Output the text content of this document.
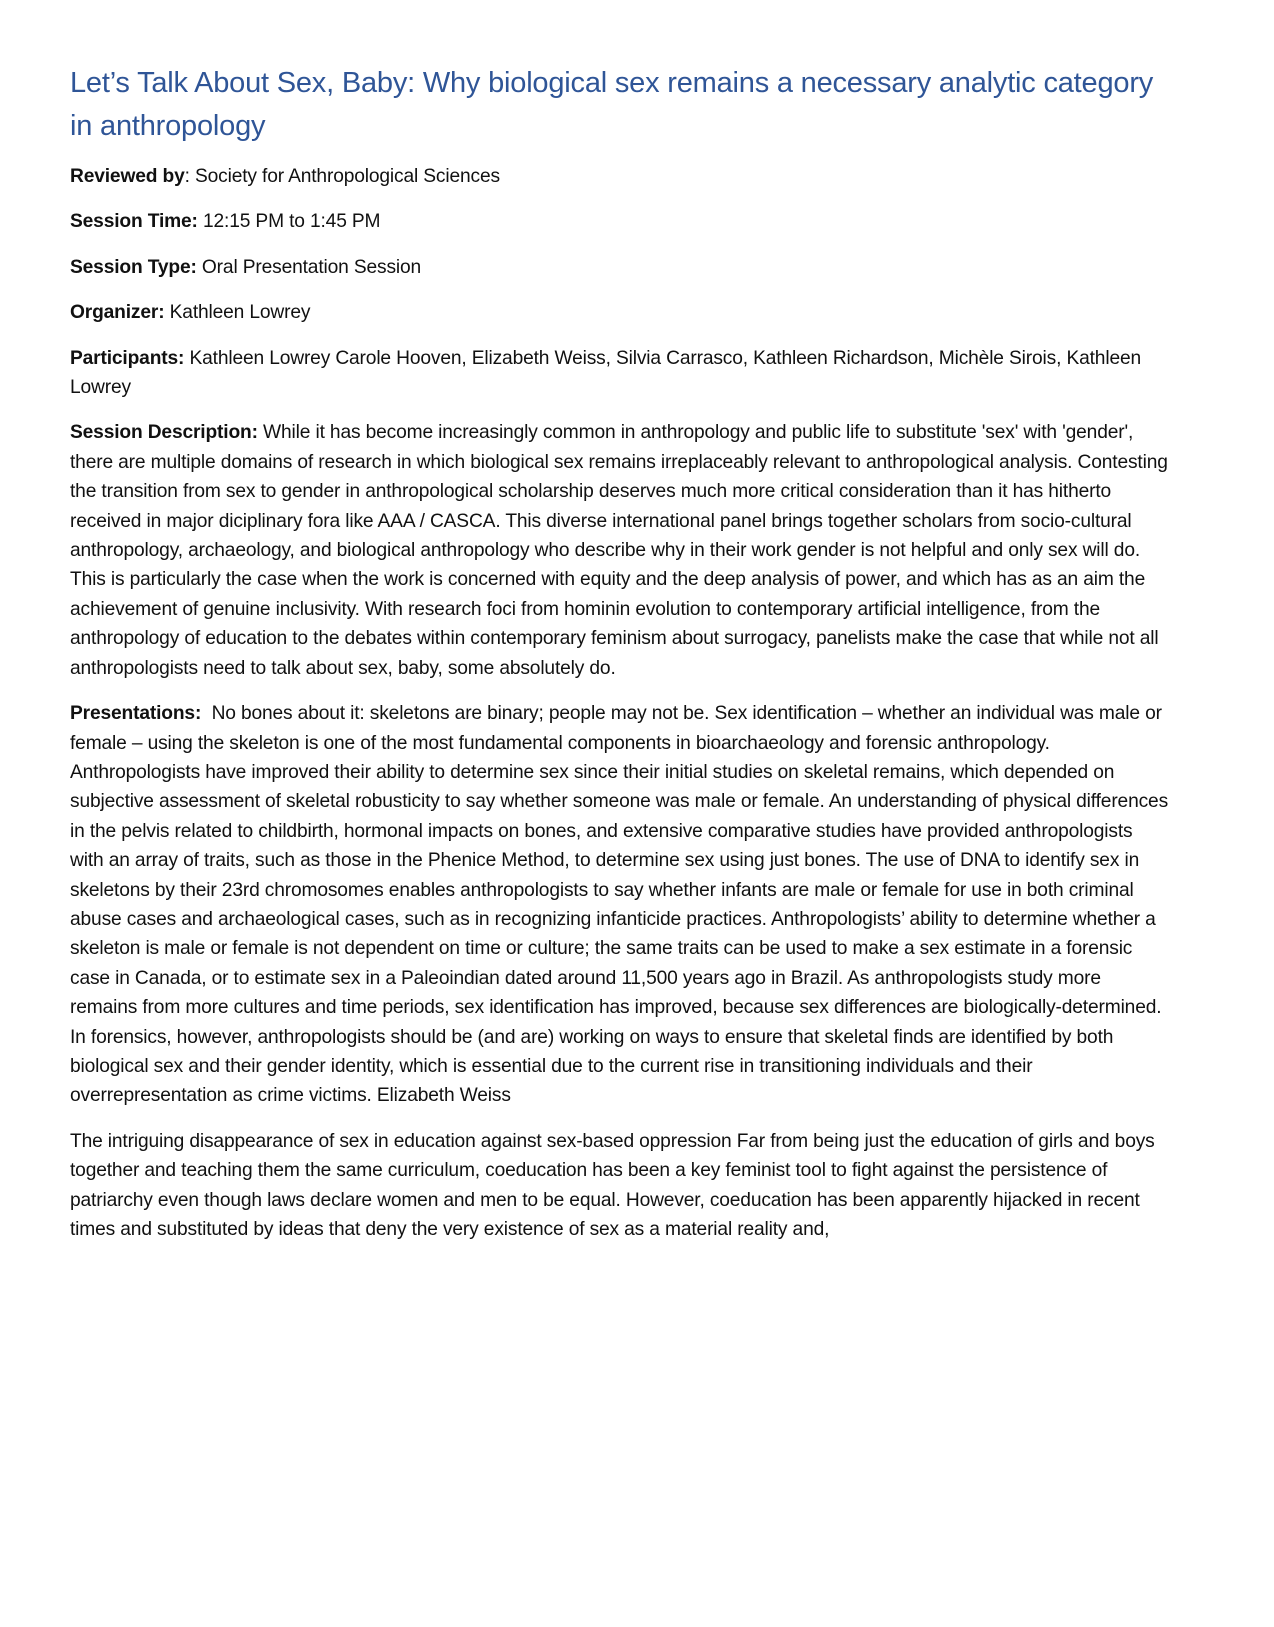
Let’s Talk About Sex, Baby: Why biological sex remains a necessary analytic category in anthropology

Reviewed by: Society for Anthropological Sciences

Session Time: 12:15 PM to 1:45 PM

Session Type: Oral Presentation Session

Organizer: Kathleen Lowrey

Participants: Kathleen Lowrey Carole Hooven, Elizabeth Weiss, Silvia Carrasco, Kathleen Richardson, Michèle Sirois, Kathleen Lowrey

Session Description: While it has become increasingly common in anthropology and public life to substitute 'sex' with 'gender', there are multiple domains of research in which biological sex remains irreplaceably relevant to anthropological analysis. Contesting the transition from sex to gender in anthropological scholarship deserves much more critical consideration than it has hitherto received in major diciplinary fora like AAA / CASCA. This diverse international panel brings together scholars from socio-cultural anthropology, archaeology, and biological anthropology who describe why in their work gender is not helpful and only sex will do. This is particularly the case when the work is concerned with equity and the deep analysis of power, and which has as an aim the achievement of genuine inclusivity. With research foci from hominin evolution to contemporary artificial intelligence, from the anthropology of education to the debates within contemporary feminism about surrogacy, panelists make the case that while not all anthropologists need to talk about sex, baby, some absolutely do.

Presentations: No bones about it: skeletons are binary; people may not be. Sex identification – whether an individual was male or female – using the skeleton is one of the most fundamental components in bioarchaeology and forensic anthropology. Anthropologists have improved their ability to determine sex since their initial studies on skeletal remains, which depended on subjective assessment of skeletal robusticity to say whether someone was male or female. An understanding of physical differences in the pelvis related to childbirth, hormonal impacts on bones, and extensive comparative studies have provided anthropologists with an array of traits, such as those in the Phenice Method, to determine sex using just bones. The use of DNA to identify sex in skeletons by their 23rd chromosomes enables anthropologists to say whether infants are male or female for use in both criminal abuse cases and archaeological cases, such as in recognizing infanticide practices. Anthropologists’ ability to determine whether a skeleton is male or female is not dependent on time or culture; the same traits can be used to make a sex estimate in a forensic case in Canada, or to estimate sex in a Paleoindian dated around 11,500 years ago in Brazil. As anthropologists study more remains from more cultures and time periods, sex identification has improved, because sex differences are biologically-determined. In forensics, however, anthropologists should be (and are) working on ways to ensure that skeletal finds are identified by both biological sex and their gender identity, which is essential due to the current rise in transitioning individuals and their overrepresentation as crime victims. Elizabeth Weiss

The intriguing disappearance of sex in education against sex-based oppression Far from being just the education of girls and boys together and teaching them the same curriculum, coeducation has been a key feminist tool to fight against the persistence of patriarchy even though laws declare women and men to be equal. However, coeducation has been apparently hijacked in recent times and substituted by ideas that deny the very existence of sex as a material reality and,
